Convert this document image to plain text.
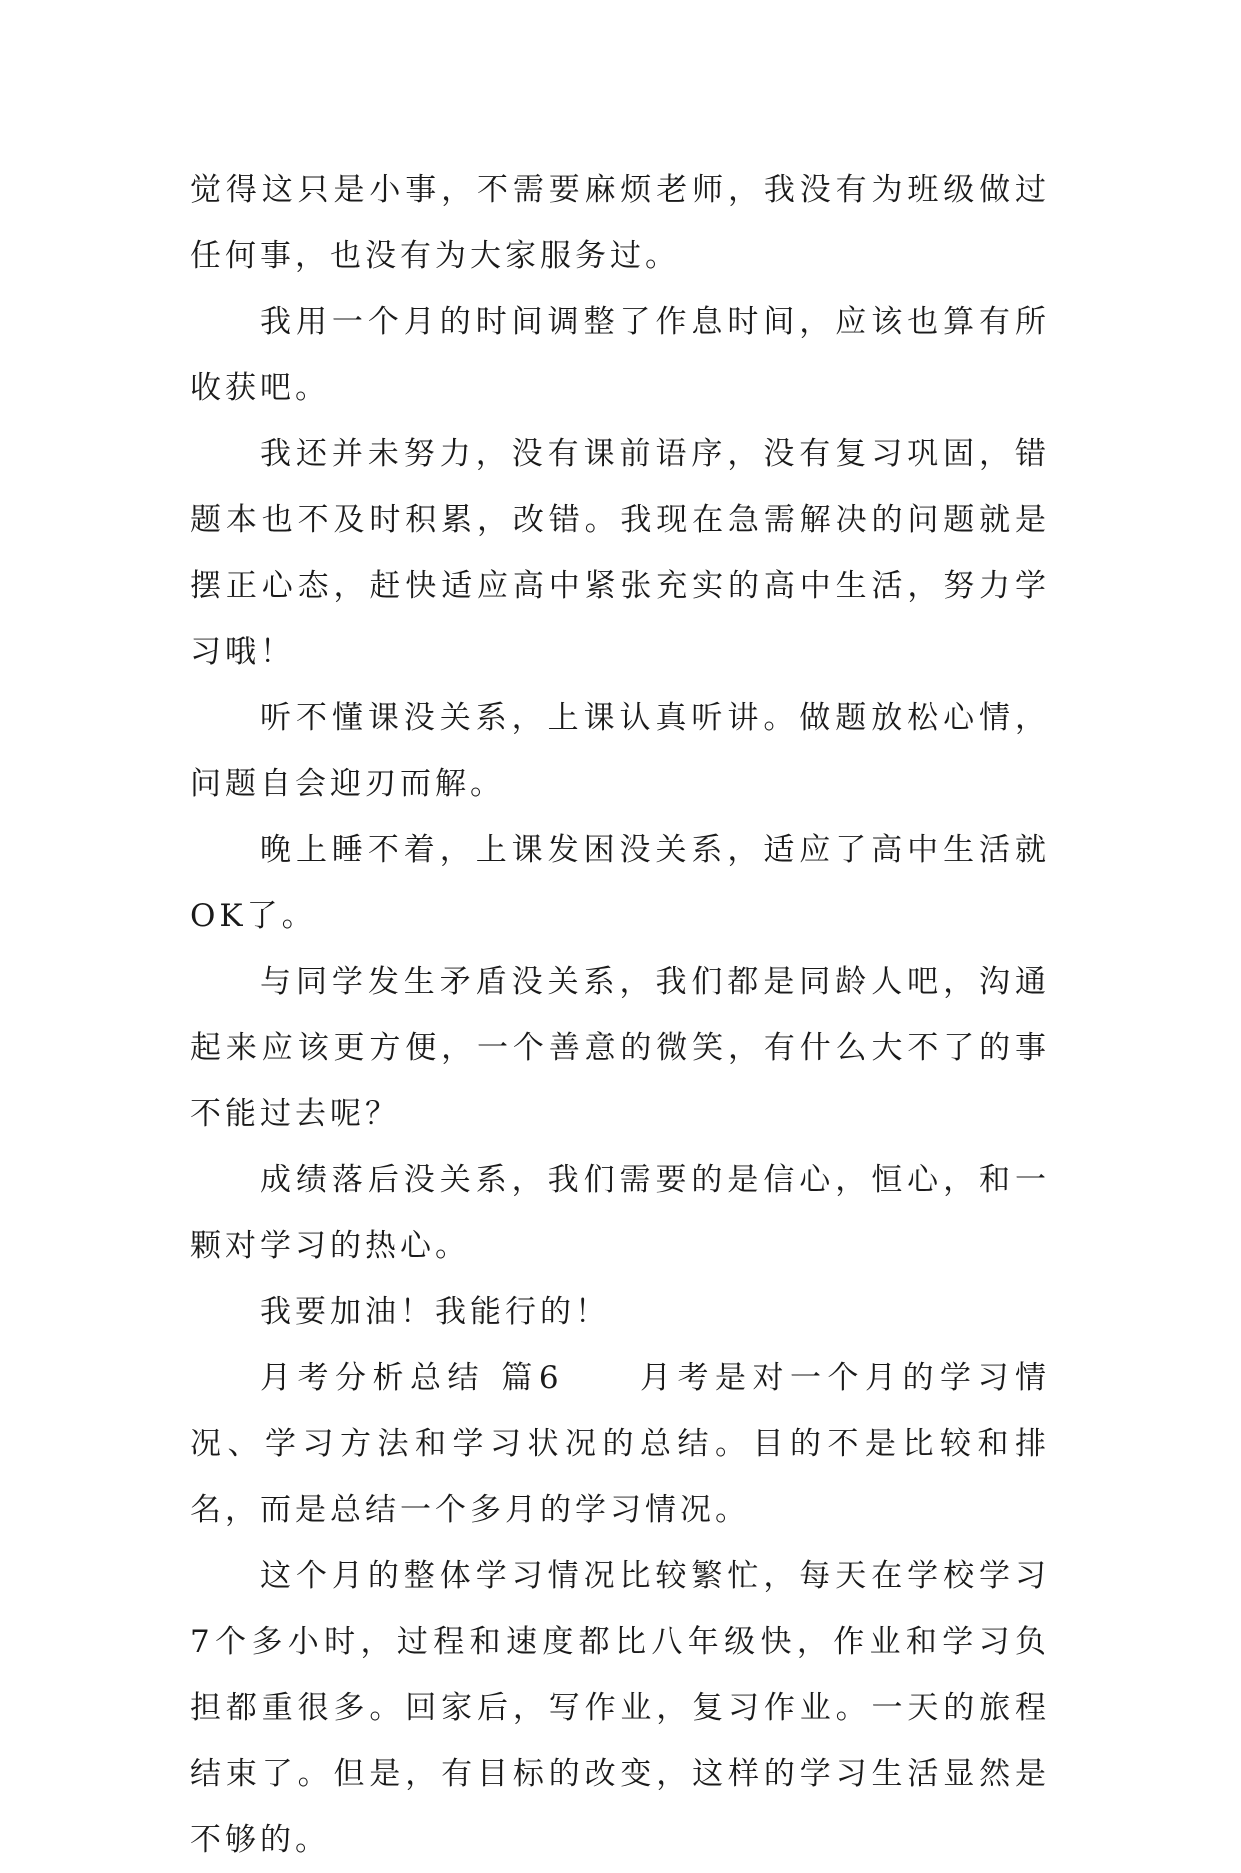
觉得这只是小事，不需要麻烦老师，我没有为班级做过任何事，也没有为大家服务过。

我用一个月的时间调整了作息时间，应该也算有所收获吧。

我还并未努力，没有课前语序，没有复习巩固，错题本也不及时积累，改错。我现在急需解决的问题就是摆正心态，赶快适应高中紧张充实的高中生活，努力学习哦！

听不懂课没关系，上课认真听讲。做题放松心情，问题自会迎刃而解。

晚上睡不着，上课发困没关系，适应了高中生活就OK了。

与同学发生矛盾没关系，我们都是同龄人吧，沟通起来应该更方便，一个善意的微笑，有什么大不了的事不能过去呢？

成绩落后没关系，我们需要的是信心，恒心，和一颗对学习的热心。

我要加油！我能行的！

月考分析总结 篇6　　月考是对一个月的学习情况、学习方法和学习状况的总结。目的不是比较和排名，而是总结一个多月的学习情况。

这个月的整体学习情况比较繁忙，每天在学校学习7个多小时，过程和速度都比八年级快，作业和学习负担都重很多。回家后，写作业，复习作业。一天的旅程结束了。但是，有目标的改变，这样的学习生活显然是不够的。
